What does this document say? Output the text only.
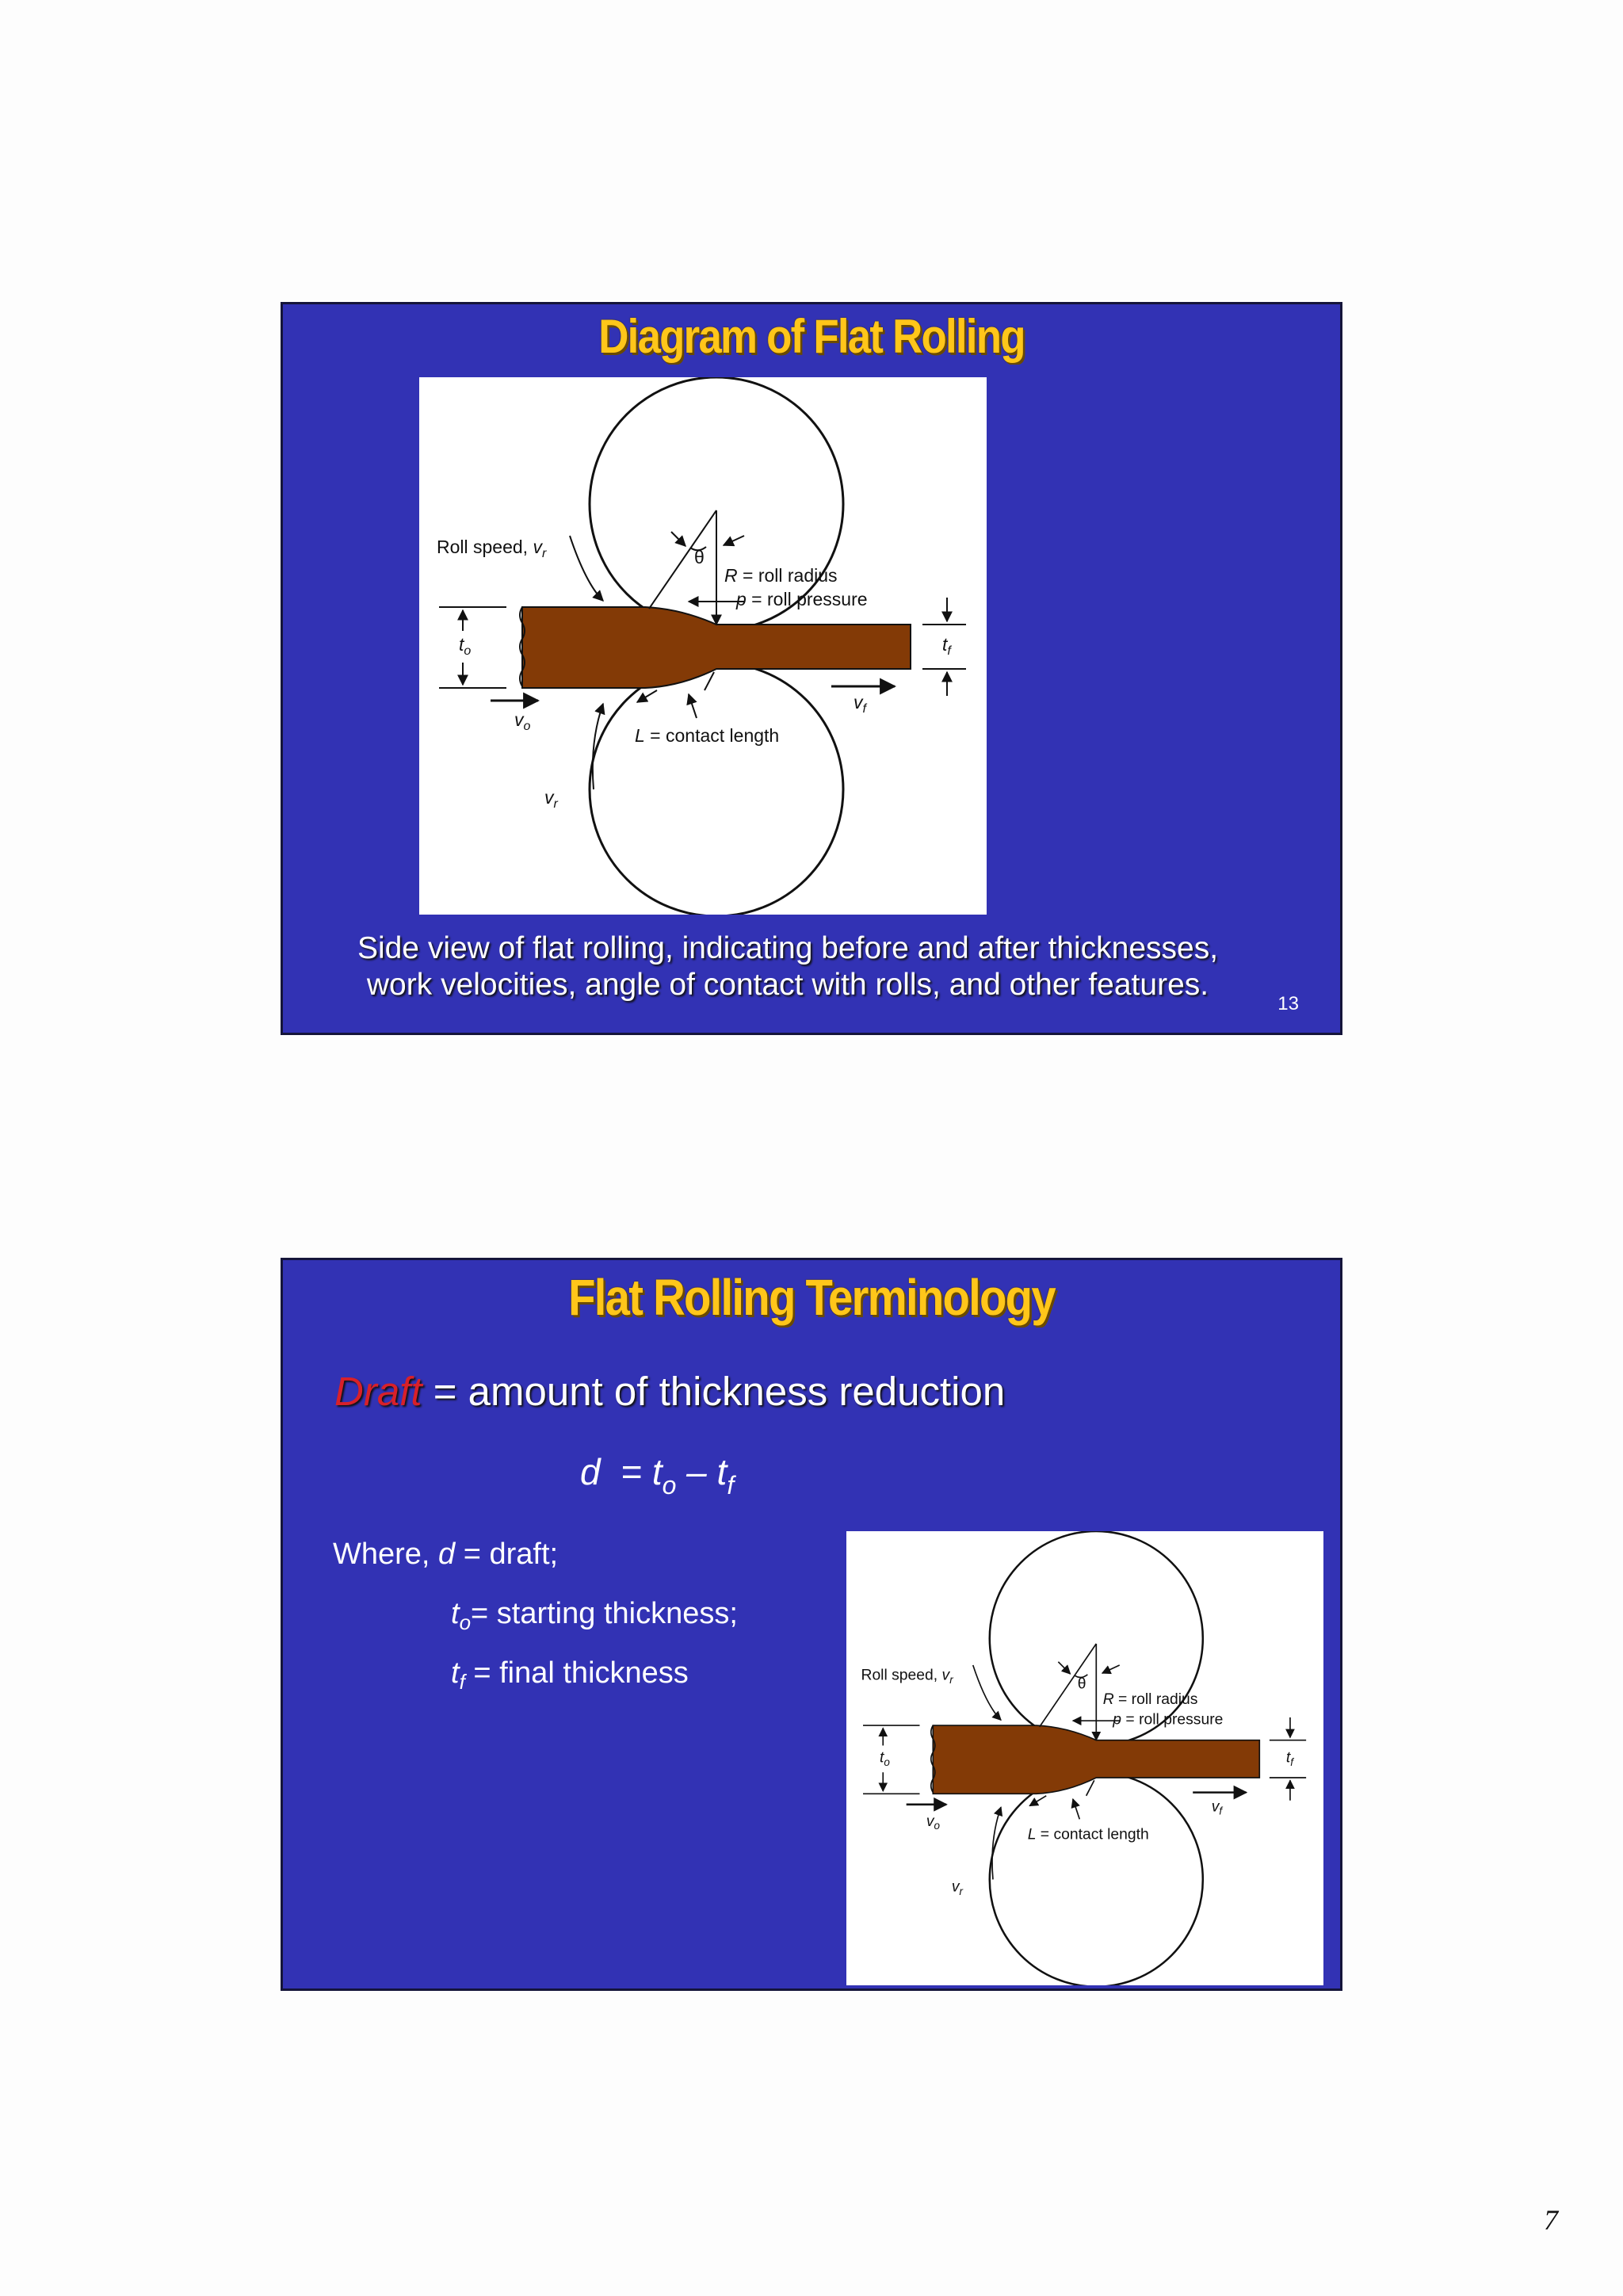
Diagram of Flat Rolling
Roll speed, $v_r$	θ
R = roll radius
p = roll pressure
$t_o$	$t_f$
$v_o$
$v_f$
$v_r$
L = contact length
Side view of flat rolling, indicating before and after thicknesses,
work velocities, angle of contact with rolls, and other features.
13
Flat Rolling Terminology
Draft = amount of thickness reduction
$d = t_o - t_f$
Where, d = draft;
$t_o=$ starting thickness;
$t_f$ = final thickness	Roll speed, $v_r$	θ
R = roll radius
p = roll pressure
$t_o$	$t_f$
$v_o$
$v_f$
$v_r$
L = contact length
7
